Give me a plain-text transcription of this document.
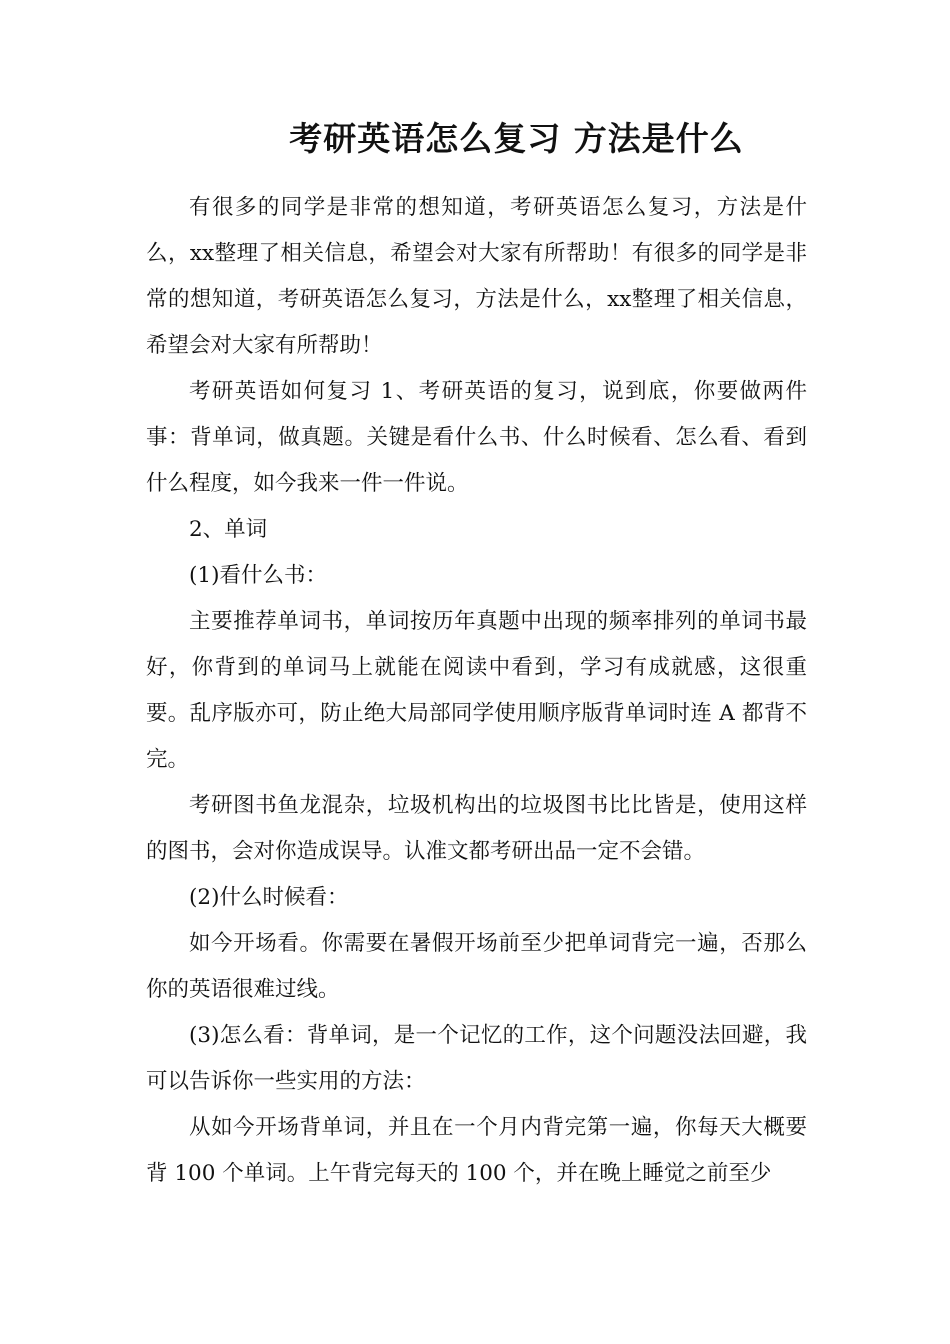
考研英语怎么复习 方法是什么

有很多的同学是非常的想知道，考研英语怎么复习，方法是什么，xx整理了相关信息，希望会对大家有所帮助！有很多的同学是非常的想知道，考研英语怎么复习，方法是什么，xx整理了相关信息，希望会对大家有所帮助！

考研英语如何复习 1、考研英语的复习，说到底，你要做两件事：背单词，做真题。关键是看什么书、什么时候看、怎么看、看到什么程度，如今我来一件一件说。

2、单词

(1)看什么书：

主要推荐单词书，单词按历年真题中出现的频率排列的单词书最好，你背到的单词马上就能在阅读中看到，学习有成就感，这很重要。乱序版亦可，防止绝大局部同学使用顺序版背单词时连 A 都背不完。

考研图书鱼龙混杂，垃圾机构出的垃圾图书比比皆是，使用这样的图书，会对你造成误导。认准文都考研出品一定不会错。

(2)什么时候看：

如今开场看。你需要在暑假开场前至少把单词背完一遍，否那么你的英语很难过线。

(3)怎么看：背单词，是一个记忆的工作，这个问题没法回避，我可以告诉你一些实用的方法：

从如今开场背单词，并且在一个月内背完第一遍，你每天大概要背 100 个单词。上午背完每天的 100 个，并在晚上睡觉之前至少
